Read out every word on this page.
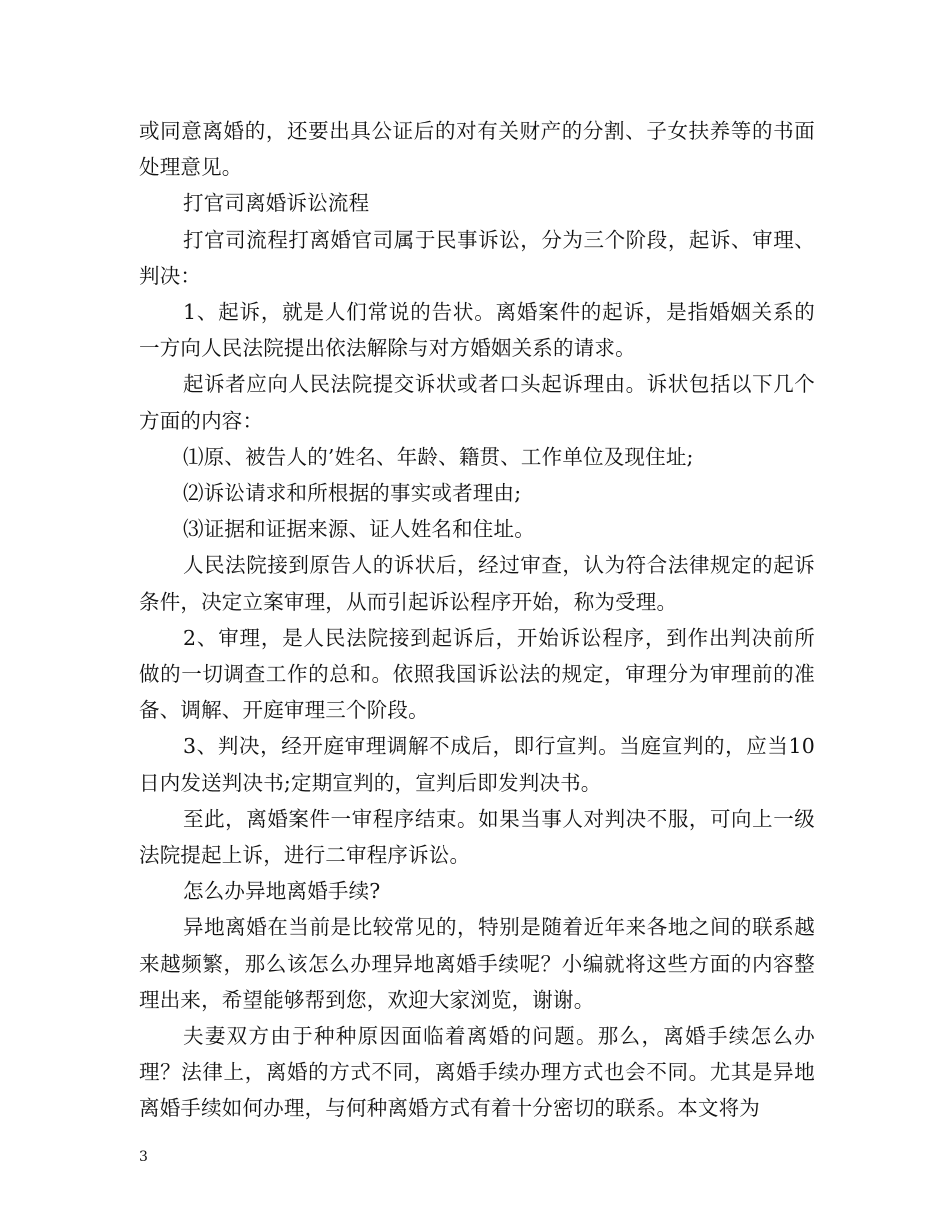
或同意离婚的，还要出具公证后的对有关财产的分割、子女扶养等的书面处理意见。

打官司离婚诉讼流程

打官司流程打离婚官司属于民事诉讼，分为三个阶段，起诉、审理、判决：

1、起诉，就是人们常说的告状。离婚案件的起诉，是指婚姻关系的一方向人民法院提出依法解除与对方婚姻关系的请求。

起诉者应向人民法院提交诉状或者口头起诉理由。诉状包括以下几个方面的内容：

⑴原、被告人的’姓名、年龄、籍贯、工作单位及现住址;

⑵诉讼请求和所根据的事实或者理由;

⑶证据和证据来源、证人姓名和住址。

人民法院接到原告人的诉状后，经过审查，认为符合法律规定的起诉条件，决定立案审理，从而引起诉讼程序开始，称为受理。

2、审理，是人民法院接到起诉后，开始诉讼程序，到作出判决前所做的一切调查工作的总和。依照我国诉讼法的规定，审理分为审理前的准备、调解、开庭审理三个阶段。

3、判决，经开庭审理调解不成后，即行宣判。当庭宣判的，应当10日内发送判决书;定期宣判的，宣判后即发判决书。

至此，离婚案件一审程序结束。如果当事人对判决不服，可向上一级法院提起上诉，进行二审程序诉讼。

怎么办异地离婚手续?

异地离婚在当前是比较常见的，特别是随着近年来各地之间的联系越来越频繁，那么该怎么办理异地离婚手续呢？小编就将这些方面的内容整理出来，希望能够帮到您，欢迎大家浏览，谢谢。

夫妻双方由于种种原因面临着离婚的问题。那么，离婚手续怎么办理？法律上，离婚的方式不同，离婚手续办理方式也会不同。尤其是异地离婚手续如何办理，与何种离婚方式有着十分密切的联系。本文将为

3
